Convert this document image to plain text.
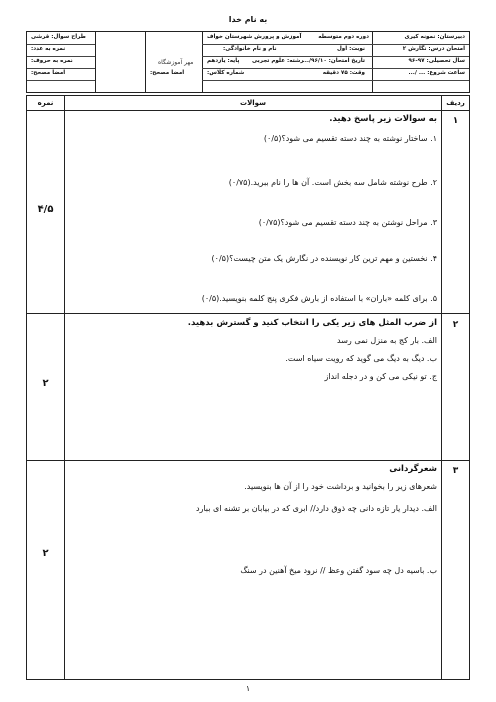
به نام خدا
دبیرستان: نمونه کیری
امتحان درس: نگارش ۲
سال تحصیلی: ۹۷-۹۶
ساعت شروع: ... /...
دوره دوم متوسطه
آموزش و پرورش شهرستان خواف
نوبت: اول
نام و نام خانوادگی:
تاریخ امتحان: ۹۶/۱۰/...
رشته: علوم تجربی
پایه: یازدهم
وقت: ۷۵ دقیقه
شماره کلاس:
مهر آموزشگاه
امضا مصحح:
طراح سوال: قرشی
نمره به عدد:
نمره به حروف:
امضا مصحح:
ردیف
سوالات
نمره
۱
۴/۵
به سوالات زیر پاسخ دهید.
۱. ساختار نوشته به چند دسته تقسیم می شود؟(۰/۵)
۲. طرح نوشته شامل سه بخش است. آن ها را نام ببرید.(۰/۷۵)
۳. مراحل نوشتن به چند دسته تقسیم می شود؟(۰/۷۵)
۴. نخستین و مهم ترین کار نویسنده در نگارش یک متن چیست؟(۰/۵)
۵. برای کلمه «باران» با استفاده از بارش فکری پنج کلمه بنویسید.(۰/۵)
۲
۲
از ضرب المثل های زیر یکی را انتخاب کنید و گسترش بدهید.
الف. بار کج به منزل نمی رسد
ب. دیگ به دیگ می گوید که رویت سیاه است.
ج. تو نیکی می کن و در دجله انداز
۳
۲
شعرگردانی
شعرهای زیر را بخوانید و برداشت خود را از آن ها بنویسید.
الف. دیدار یار تازه دانی چه ذوق دارد// ابری که در بیابان بر تشنه ای ببارد
ب. باسیه دل چه سود گفتن وعظ // نرود میخ آهنین در سنگ
۱
